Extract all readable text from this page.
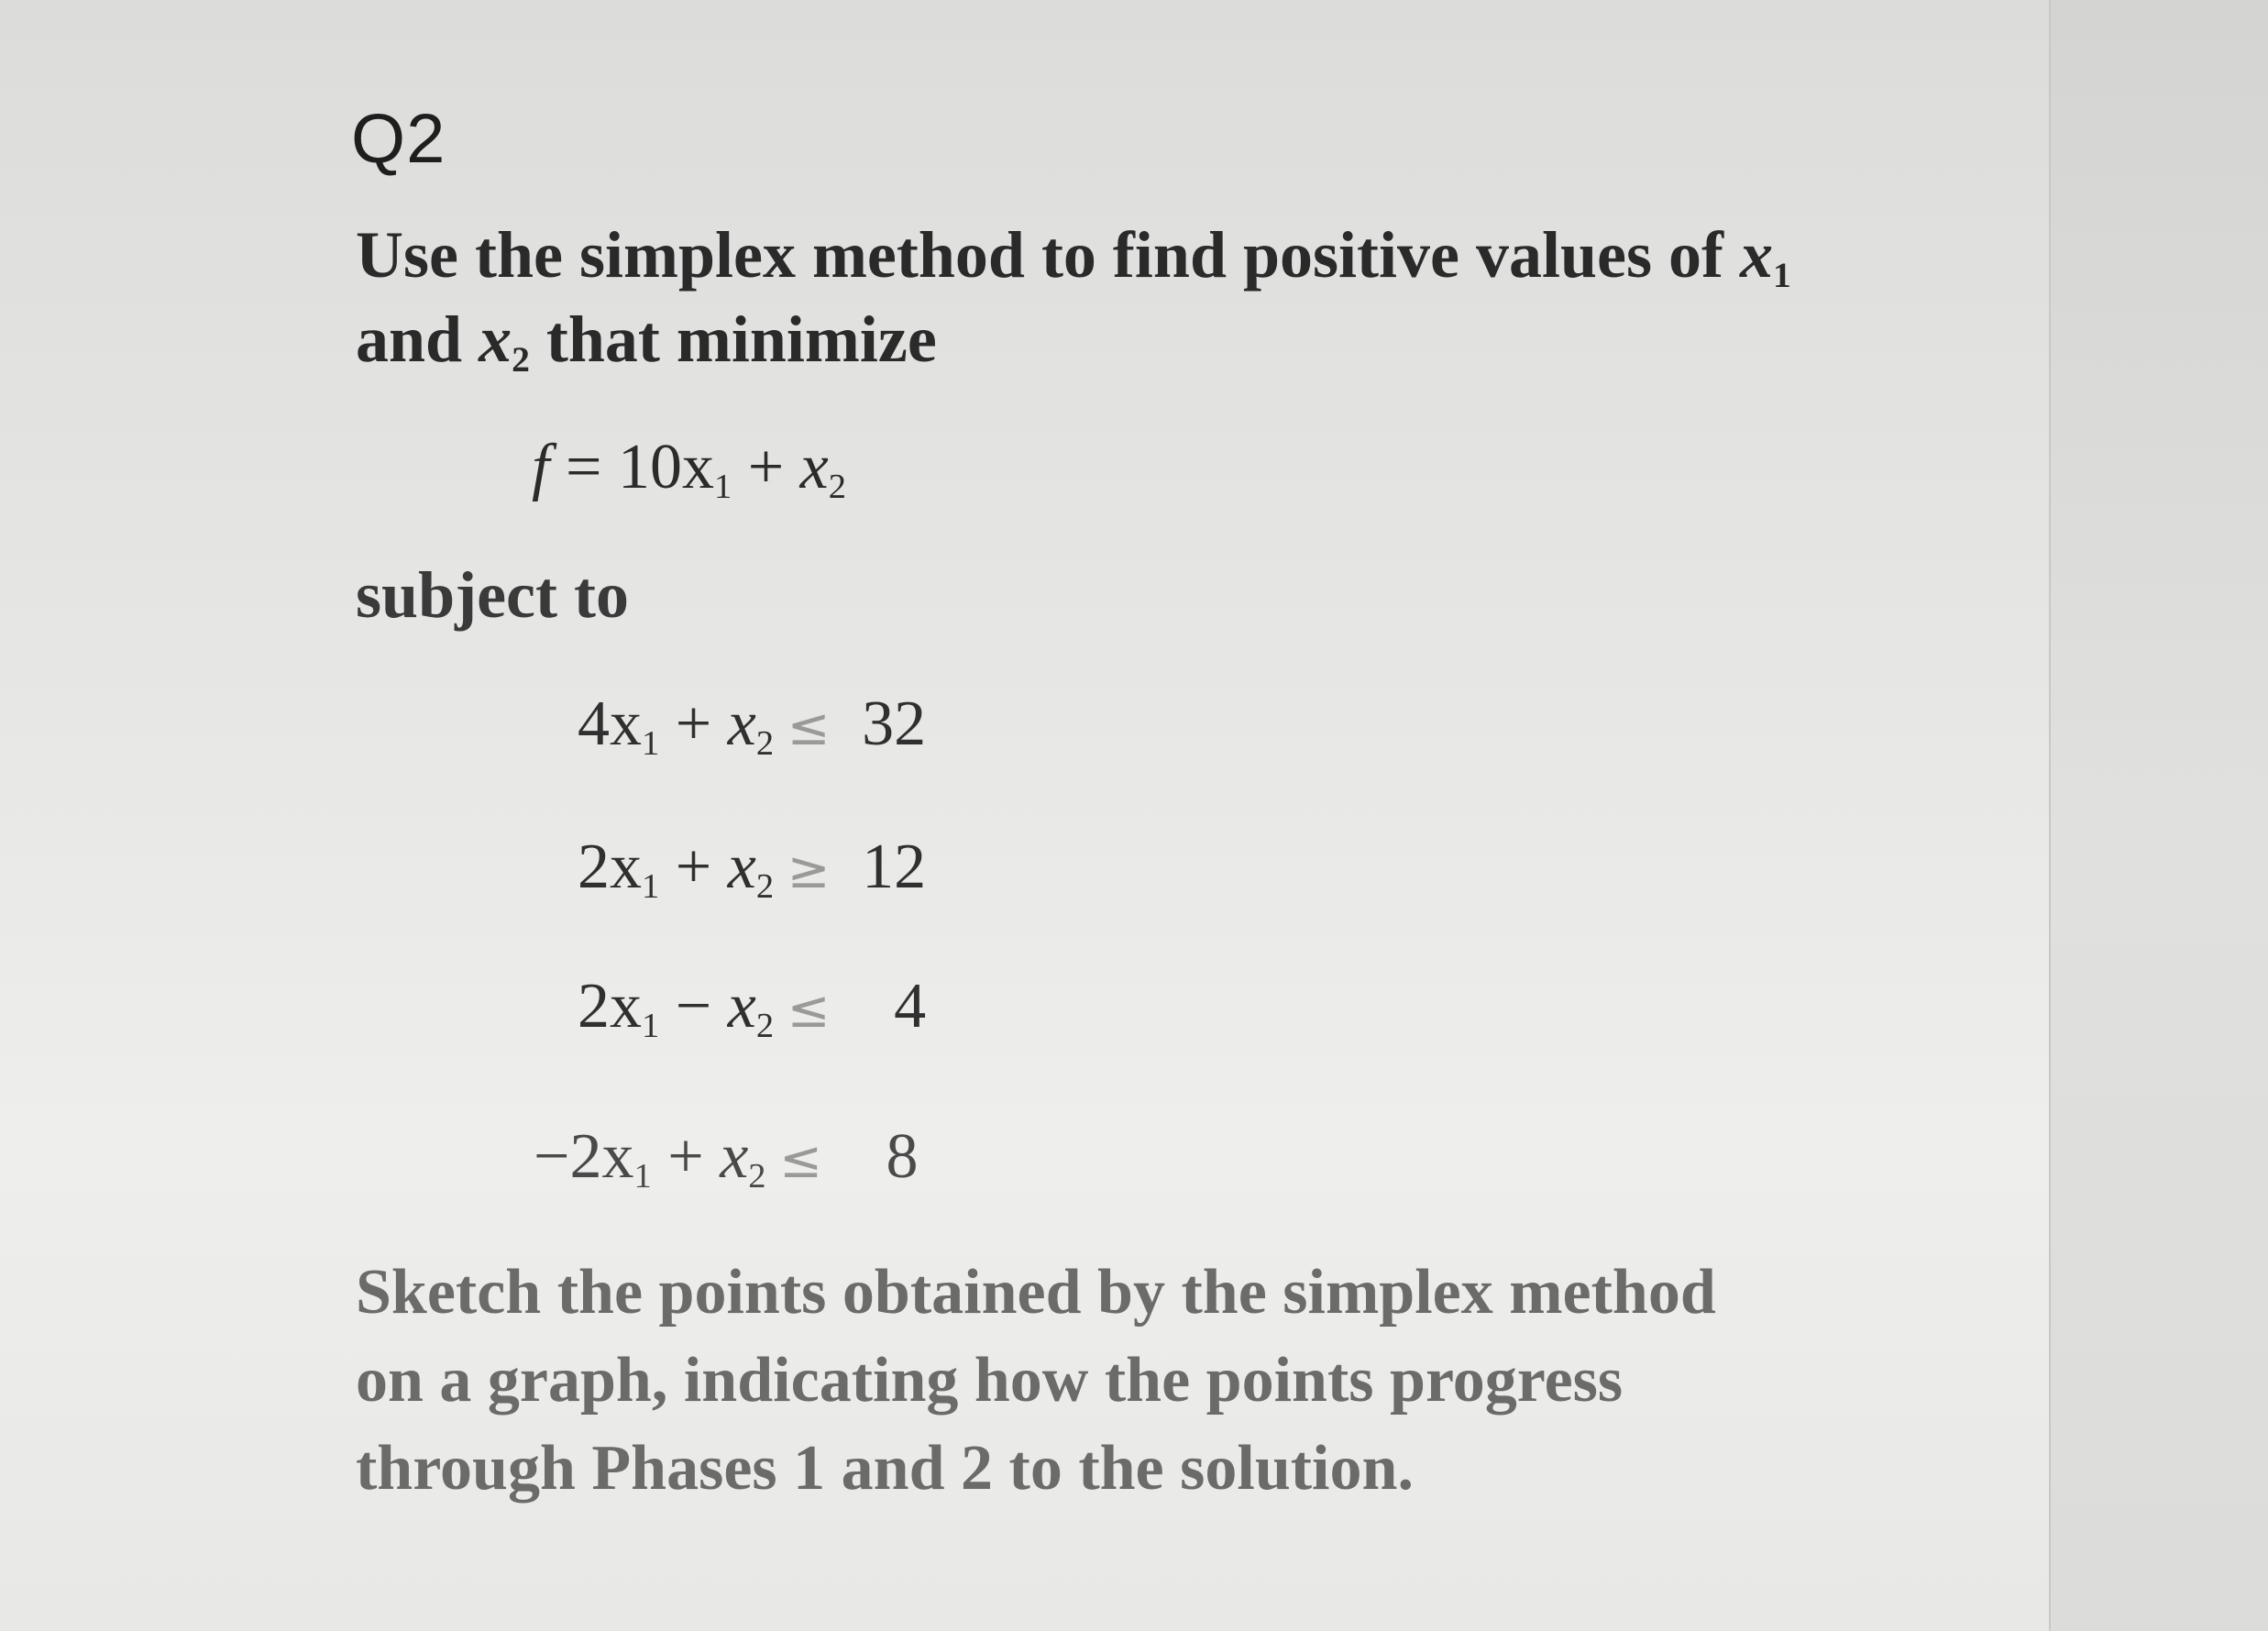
Q2
Use the simplex method to find positive values of $x_1$
and $x_2$ that minimize
$f = 10x_1 + x_2$
subject to
$4x_1 + x_2 \le 32$
$2x_1 + x_2 \ge 12$
$2x_1 - x_2 \le 4$
$-2x_1 + x_2 \le 8$
Sketch the points obtained by the simplex method
on a graph, indicating how the points progress
through Phases 1 and 2 to the solution.
